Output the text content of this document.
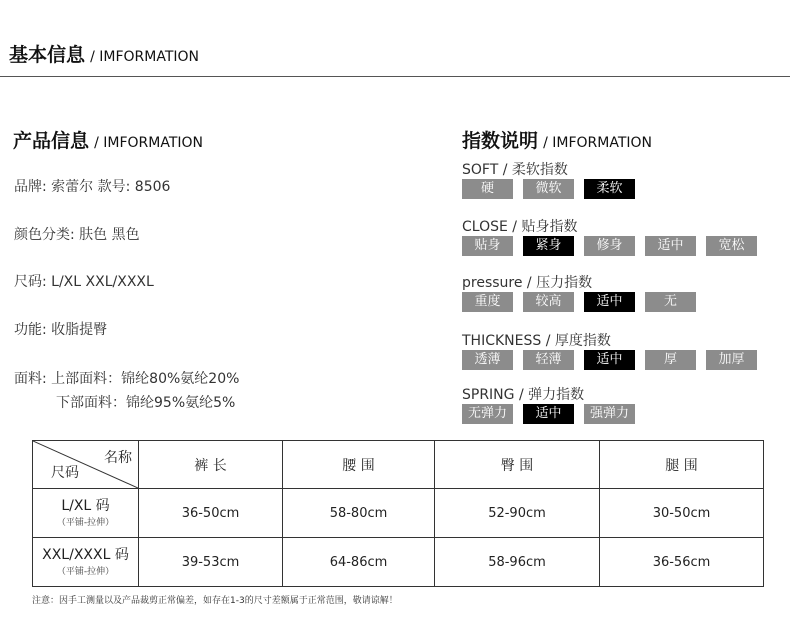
基本信息 / IMFORMATION
产品信息 / IMFORMATION
品牌: 索蕾尔 款号: 8506
颜色分类: 肤色 黑色
尺码: L/XL XXL/XXXL
功能: 收脂提臀
面料: 上部面料：锦纶80%氨纶20%
下部面料：锦纶95%氨纶5%
指数说明 / IMFORMATION
SOFT / 柔软指数
硬	微软	柔软
CLOSE / 贴身指数
贴身	紧身	修身	适中	宽松
pressure / 压力指数
重度	较高	适中	无
THICKNESS / 厚度指数
透薄	轻薄	适中	厚	加厚
SPRING / 弹力指数
无弹力	适中	强弹力
名称
尺码	裤 长	腰 围	臀 围	腿 围

L/XL 码
（平铺-拉伸）	36-50cm	58-80cm	52-90cm	30-50cm

XXL/XXXL 码
（平铺-拉伸）	39-53cm	64-86cm	58-96cm	36-56cm
注意：因手工测量以及产品裁剪正常偏差，如存在1-3的尺寸差额属于正常范围，敬请谅解！
